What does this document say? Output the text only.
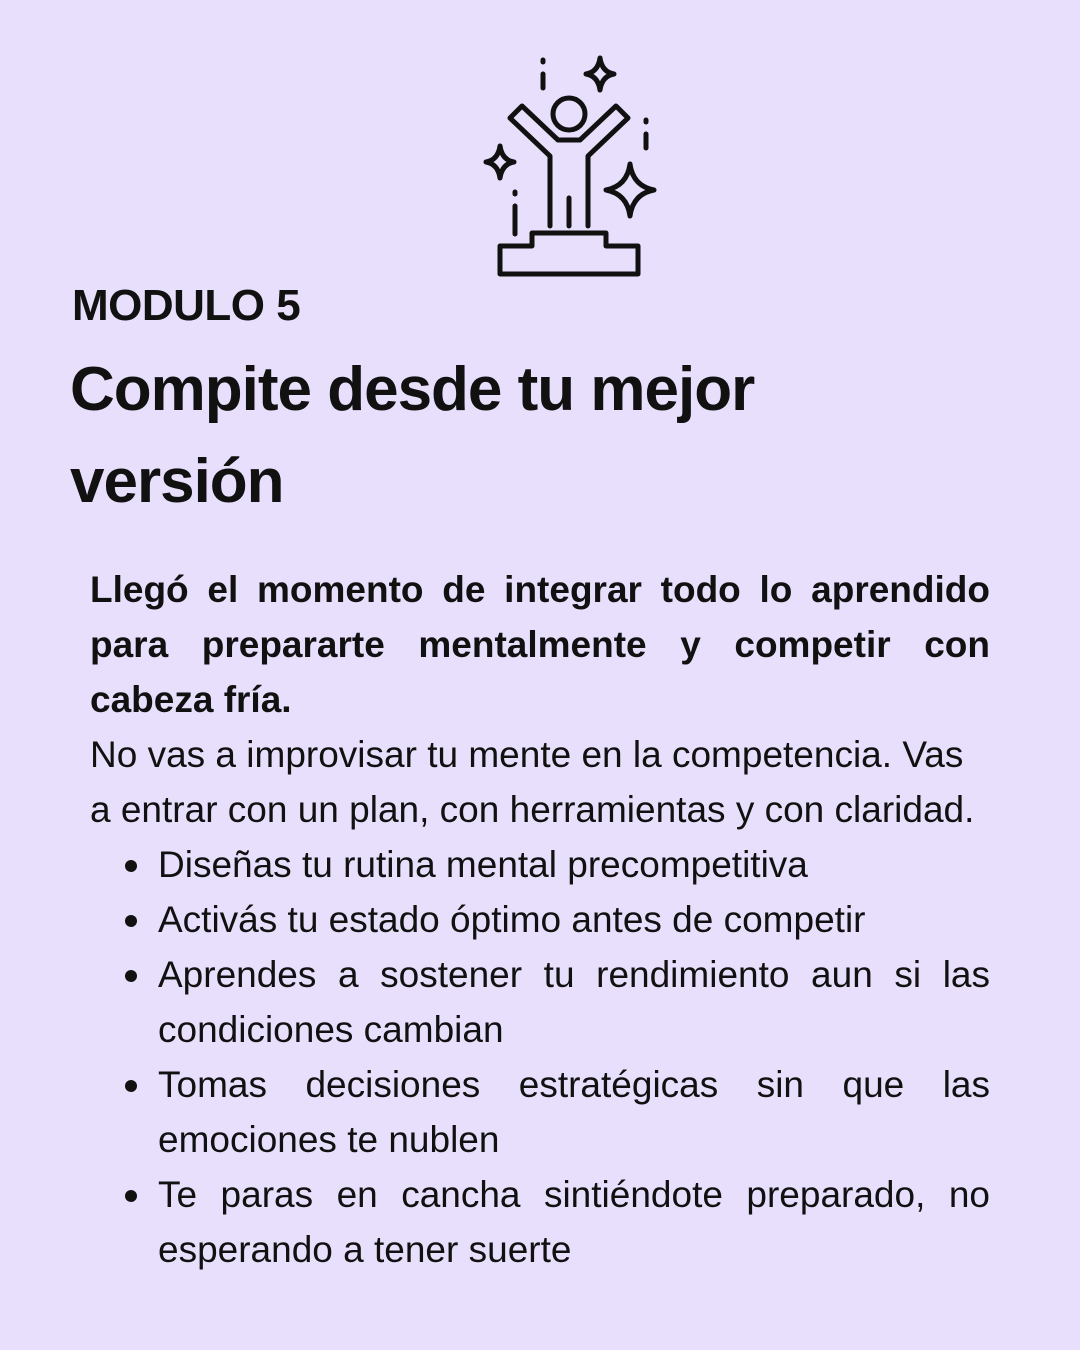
MODULO 5
Compite desde tu mejor versión

Llegó el momento de integrar todo lo aprendido para prepararte mentalmente y competir con cabeza fría.

No vas a improvisar tu mente en la competencia. Vas a entrar con un plan, con herramientas y con claridad.

Diseñas tu rutina mental precompetitiva
Activás tu estado óptimo antes de competir
Aprendes a sostener tu rendimiento aun si las condiciones cambian
Tomas decisiones estratégicas sin que las emociones te nublen
Te paras en cancha sintiéndote preparado, no esperando a tener suerte
